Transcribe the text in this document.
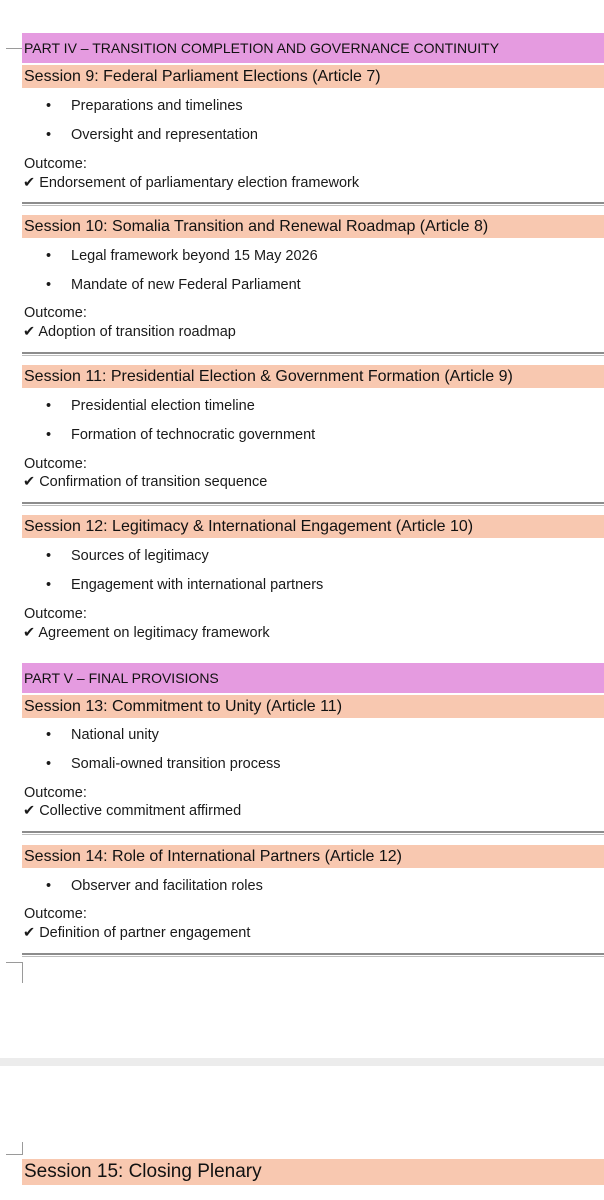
PART IV – TRANSITION COMPLETION AND GOVERNANCE CONTINUITY
Session 9: Federal Parliament Elections (Article 7)
• Preparations and timelines
• Oversight and representation
Outcome:
✔ Endorsement of parliamentary election framework
Session 10: Somalia Transition and Renewal Roadmap (Article 8)
• Legal framework beyond 15 May 2026
• Mandate of new Federal Parliament
Outcome:
✔ Adoption of transition roadmap
Session 11: Presidential Election & Government Formation (Article 9)
• Presidential election timeline
• Formation of technocratic government
Outcome:
✔ Confirmation of transition sequence
Session 12: Legitimacy & International Engagement (Article 10)
• Sources of legitimacy
• Engagement with international partners
Outcome:
✔ Agreement on legitimacy framework
PART V – FINAL PROVISIONS
Session 13: Commitment to Unity (Article 11)
• National unity
• Somali-owned transition process
Outcome:
✔ Collective commitment affirmed
Session 14: Role of International Partners (Article 12)
• Observer and facilitation roles
Outcome:
✔ Definition of partner engagement
Session 15: Closing Plenary
